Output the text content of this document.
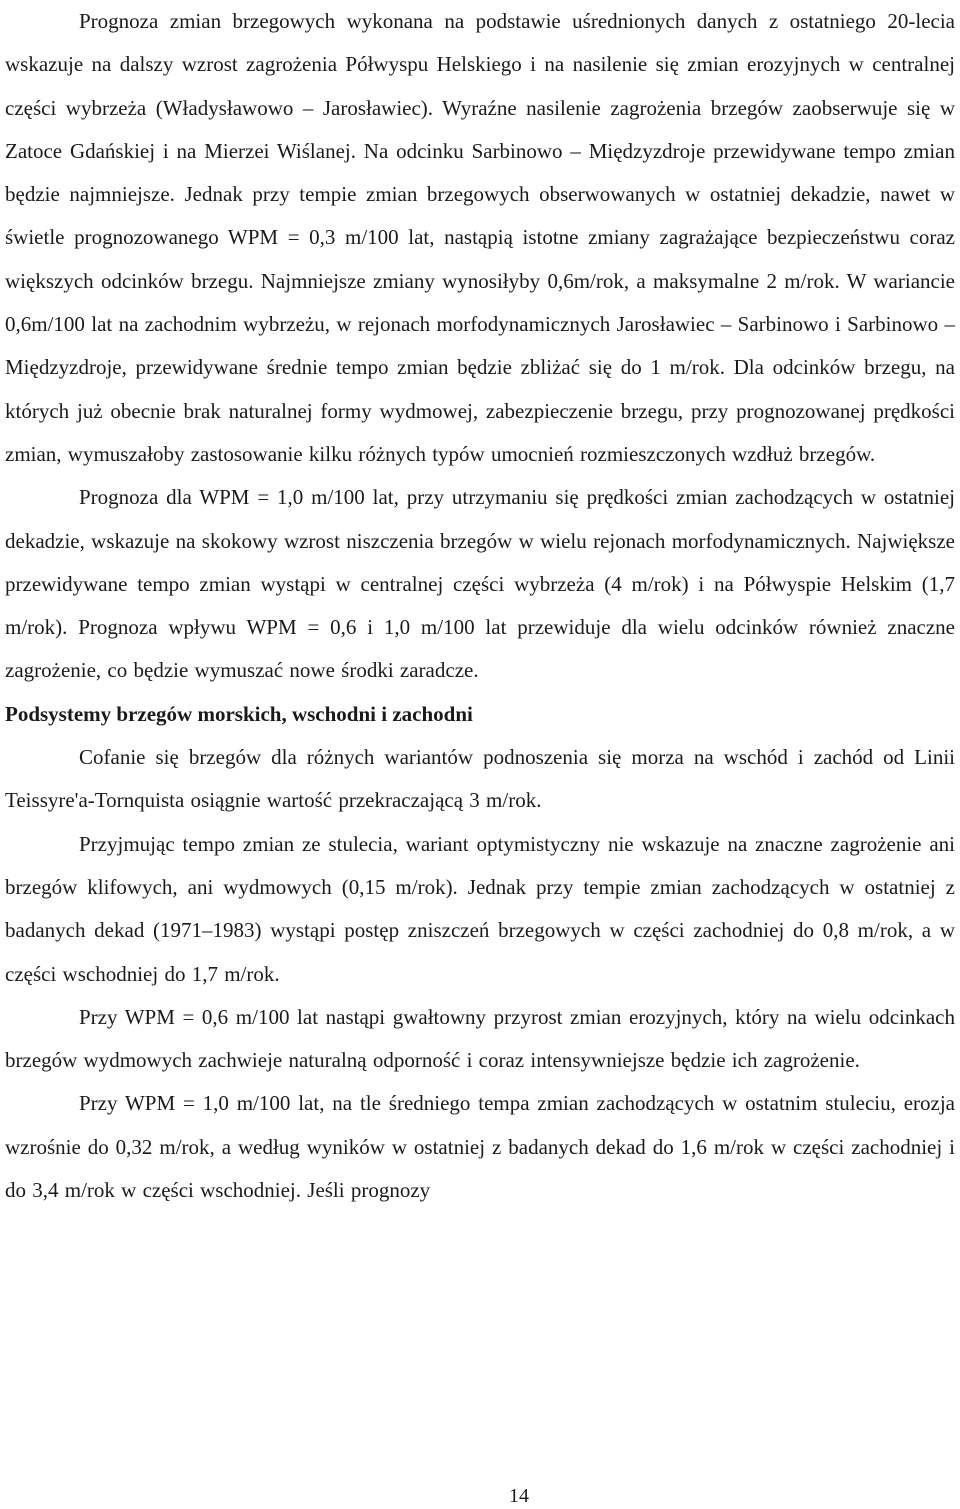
Prognoza zmian brzegowych wykonana na podstawie uśrednionych danych z ostatniego 20-lecia wskazuje na dalszy wzrost zagrożenia Półwyspu Helskiego i na nasilenie się zmian erozyjnych w centralnej części wybrzeża (Władysławowo – Jarosławiec). Wyraźne nasilenie zagrożenia brzegów zaobserwuje się w Zatoce Gdańskiej i na Mierzei Wiślanej. Na odcinku Sarbinowo – Międzyzdroje przewidywane tempo zmian będzie najmniejsze. Jednak przy tempie zmian brzegowych obserwowanych w ostatniej dekadzie, nawet w świetle prognozowanego WPM = 0,3 m/100 lat, nastąpią istotne zmiany zagrażające bezpieczeństwu coraz większych odcinków brzegu. Najmniejsze zmiany wynosiłyby 0,6m/rok, a maksymalne 2 m/rok. W wariancie 0,6m/100 lat na zachodnim wybrzeżu, w rejonach morfodynamicznych Jarosławiec – Sarbinowo i Sarbinowo – Międzyzdroje, przewidywane średnie tempo zmian będzie zbliżać się do 1 m/rok. Dla odcinków brzegu, na których już obecnie brak naturalnej formy wydmowej, zabezpieczenie brzegu, przy prognozowanej prędkości zmian, wymuszałoby zastosowanie kilku różnych typów umocnień rozmieszczonych wzdłuż brzegów.

Prognoza dla WPM = 1,0 m/100 lat, przy utrzymaniu się prędkości zmian zachodzących w ostatniej dekadzie, wskazuje na skokowy wzrost niszczenia brzegów w wielu rejonach morfodynamicznych. Największe przewidywane tempo zmian wystąpi w centralnej części wybrzeża (4 m/rok) i na Półwyspie Helskim (1,7 m/rok). Prognoza wpływu WPM = 0,6 i 1,0 m/100 lat przewiduje dla wielu odcinków również znaczne zagrożenie, co będzie wymuszać nowe środki zaradcze.

Podsystemy brzegów morskich, wschodni i zachodni

Cofanie się brzegów dla różnych wariantów podnoszenia się morza na wschód i zachód od Linii Teissyre'a-Tornquista osiągnie wartość przekraczającą 3 m/rok.

Przyjmując tempo zmian ze stulecia, wariant optymistyczny nie wskazuje na znaczne zagrożenie ani brzegów klifowych, ani wydmowych (0,15 m/rok). Jednak przy tempie zmian zachodzących w ostatniej z badanych dekad (1971–1983) wystąpi postęp zniszczeń brzegowych w części zachodniej do 0,8 m/rok, a w części wschodniej do 1,7 m/rok.

Przy WPM = 0,6 m/100 lat nastąpi gwałtowny przyrost zmian erozyjnych, który na wielu odcinkach brzegów wydmowych zachwieje naturalną odporność i coraz intensywniejsze będzie ich zagrożenie.

Przy WPM = 1,0 m/100 lat, na tle średniego tempa zmian zachodzących w ostatnim stuleciu, erozja wzrośnie do 0,32 m/rok, a według wyników w ostatniej z badanych dekad do 1,6 m/rok w części zachodniej i do 3,4 m/rok w części wschodniej. Jeśli prognozy

14
